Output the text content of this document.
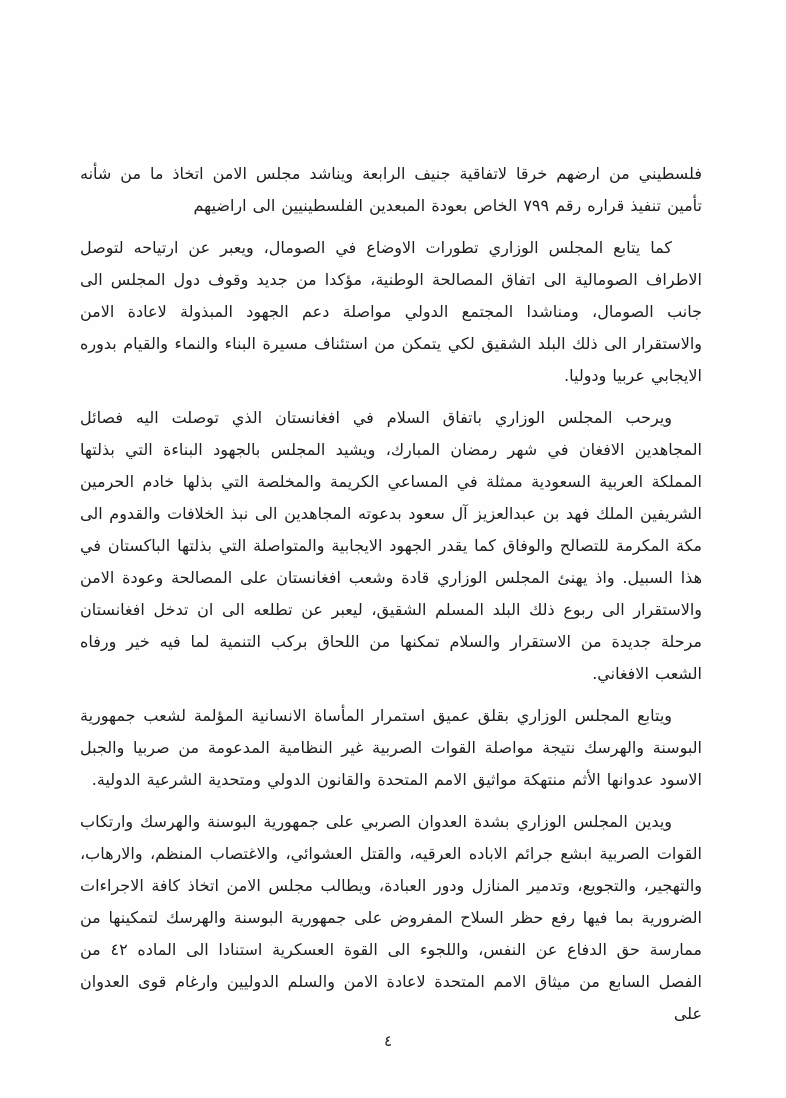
فلسطيني من ارضهم خرقا لاتفاقية جنيف الرابعة ويناشد مجلس الامن اتخاذ ما من شأنه تأمين تنفيذ قراره رقم ٧٩٩ الخاص بعودة المبعدين الفلسطينيين الى اراضيهم

كما يتابع المجلس الوزاري تطورات الاوضاع في الصومال، ويعبر عن ارتياحه لتوصل الاطراف الصومالية الى اتفاق المصالحة الوطنية، مؤكدا من جديد وقوف دول المجلس الى جانب الصومال، ومناشدا المجتمع الدولي مواصلة دعم الجهود المبذولة لاعادة الامن والاستقرار الى ذلك البلد الشقيق لكي يتمكن من استئناف مسيرة البناء والنماء والقيام بدوره الايجابي عربيا ودوليا.

ويرحب المجلس الوزاري باتفاق السلام في افغانستان الذي توصلت اليه فصائل المجاهدين الافغان في شهر رمضان المبارك، ويشيد المجلس بالجهود البناءة التي بذلتها المملكة العربية السعودية ممثلة في المساعي الكريمة والمخلصة التي بذلها خادم الحرمين الشريفين الملك فهد بن عبدالعزيز آل سعود بدعوته المجاهدين الى نبذ الخلافات والقدوم الى مكة المكرمة للتصالح والوفاق كما يقدر الجهود الايجابية والمتواصلة التي بذلتها الباكستان في هذا السبيل. واذ يهنئ المجلس الوزاري قادة وشعب افغانستان على المصالحة وعودة الامن والاستقرار الى ربوع ذلك البلد المسلم الشقيق، ليعبر عن تطلعه الى ان تدخل افغانستان مرحلة جديدة من الاستقرار والسلام تمكنها من اللحاق بركب التنمية لما فيه خير ورفاه الشعب الافغاني.

ويتابع المجلس الوزاري بقلق عميق استمرار المأساة الانسانية المؤلمة لشعب جمهورية البوسنة والهرسك نتيجة مواصلة القوات الصربية غير النظامية المدعومة من صربيا والجبل الاسود عدوانها الأثم منتهكة مواثيق الامم المتحدة والقانون الدولي ومتحدية الشرعية الدولية.

ويدين المجلس الوزاري بشدة العدوان الصربي على جمهورية البوسنة والهرسك وارتكاب القوات الصربية ابشع جرائم الاباده العرقيه، والقتل العشوائي، والاغتصاب المنظم، والارهاب، والتهجير، والتجويع، وتدمير المنازل ودور العبادة، ويطالب مجلس الامن اتخاذ كافة الاجراءات الضرورية بما فيها رفع حظر السلاح المفروض على جمهورية البوسنة والهرسك لتمكينها من ممارسة حق الدفاع عن النفس، واللجوء الى القوة العسكرية استنادا الى الماده ٤٢ من الفصل السابع من ميثاق الامم المتحدة لاعادة الامن والسلم الدوليين وارغام قوى العدوان على

٤
